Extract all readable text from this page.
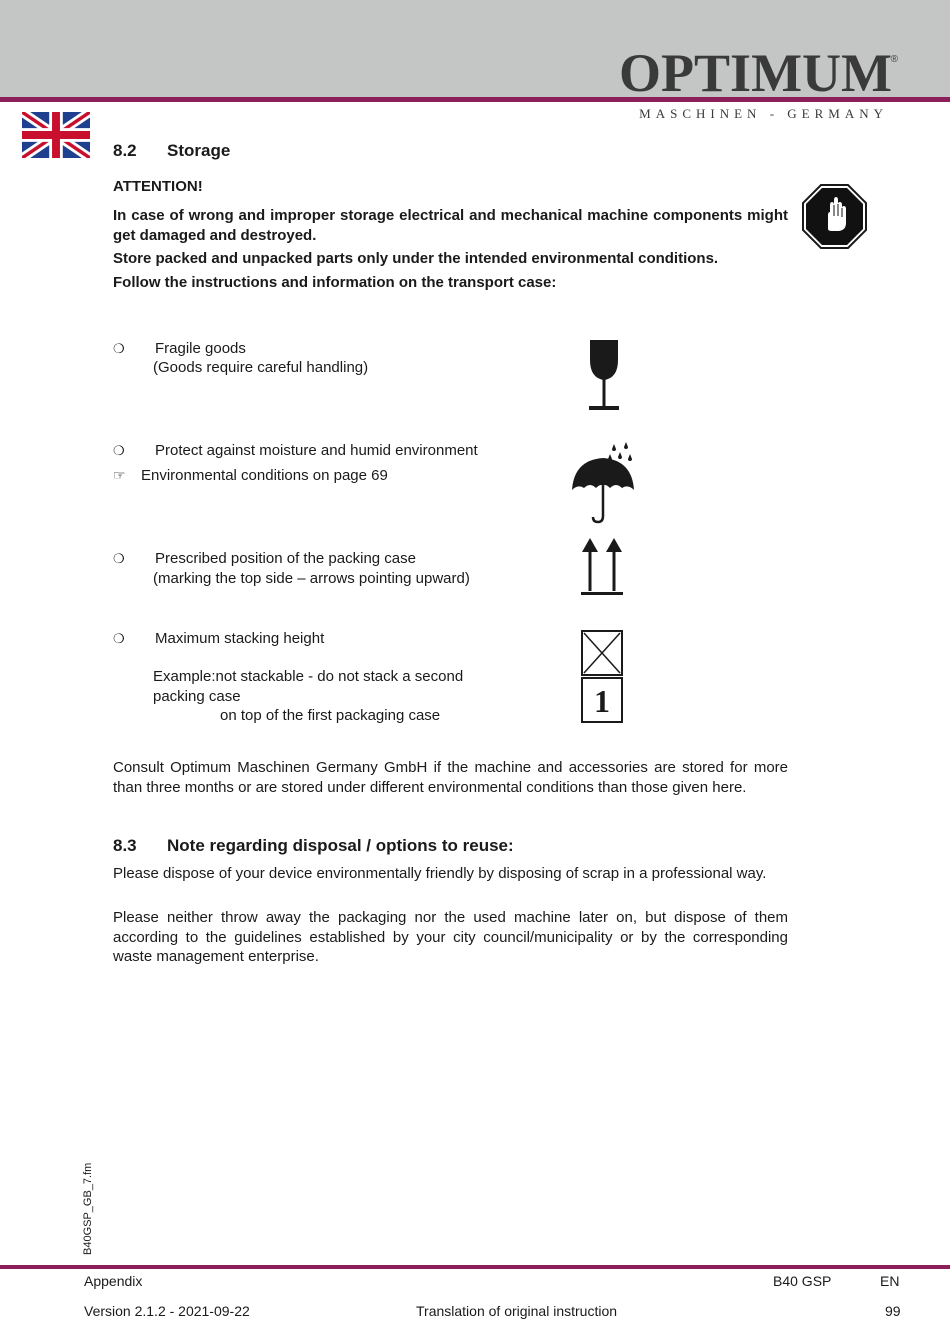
OPTIMUM
®
MASCHINEN - GERMANY
8.2 Storage
ATTENTION!
In case of wrong and improper storage electrical and mechanical machine components might get damaged and destroyed.
Store packed and unpacked parts only under the intended environmental conditions.
Follow the instructions and information on the transport case:
❍ Fragile goods
(Goods require careful handling)
❍ Protect against moisture and humid environment
☞ Environmental conditions on page 69
❍ Prescribed position of the packing case
(marking the top side – arrows pointing upward)
❍ Maximum stacking height
Example:not stackable - do not stack a second
packing case
on top of the first packaging case	1
Consult Optimum Maschinen Germany GmbH if the machine and accessories are stored for more than three months or are stored under different environmental conditions than those given here.
8.3 Note regarding disposal / options to reuse:
Please dispose of your device environmentally friendly by disposing of scrap in a professional way.
Please neither throw away the packaging nor the used machine later on, but dispose of them according to the guidelines established by your city council/municipality or by the corresponding waste management enterprise.
B40GSP_GB_7.fm
Appendix	B40 GSP	EN
Version 2.1.2 - 2021-09-22	Translation of original instruction	99
